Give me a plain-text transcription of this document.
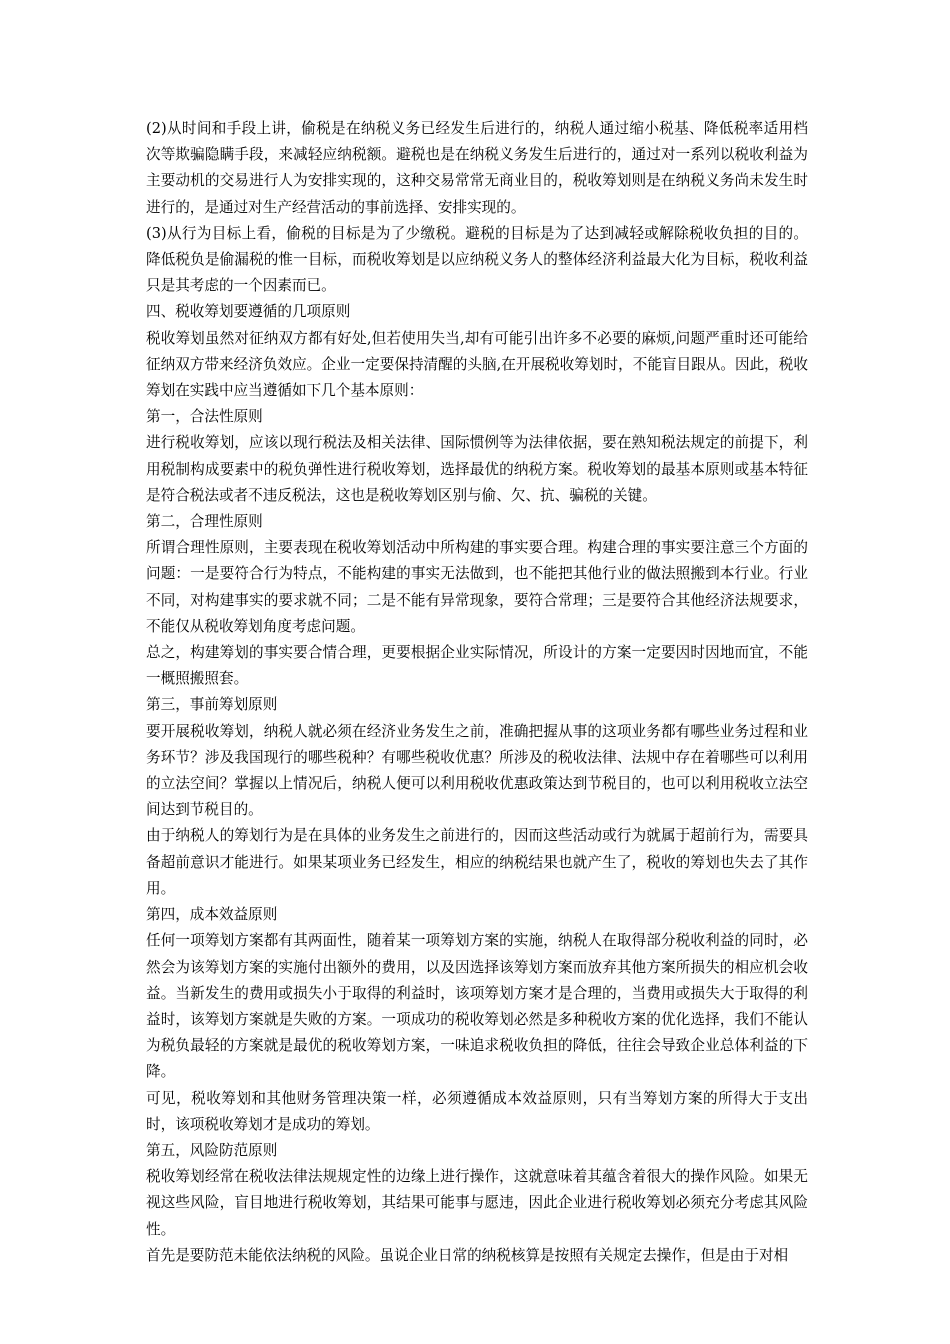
(2)从时间和手段上讲，偷税是在纳税义务已经发生后进行的，纳税人通过缩小税基、降低税率适用档次等欺骗隐瞒手段，来减轻应纳税额。避税也是在纳税义务发生后进行的，通过对一系列以税收利益为主要动机的交易进行人为安排实现的，这种交易常常无商业目的，税收筹划则是在纳税义务尚未发生时进行的，是通过对生产经营活动的事前选择、安排实现的。

(3)从行为目标上看，偷税的目标是为了少缴税。避税的目标是为了达到减轻或解除税收负担的目的。降低税负是偷漏税的惟一目标，而税收筹划是以应纳税义务人的整体经济利益最大化为目标，税收利益只是其考虑的一个因素而已。

四、税收筹划要遵循的几项原则

税收筹划虽然对征纳双方都有好处,但若使用失当,却有可能引出许多不必要的麻烦,问题严重时还可能给征纳双方带来经济负效应。企业一定要保持清醒的头脑,在开展税收筹划时，不能盲目跟从。因此，税收筹划在实践中应当遵循如下几个基本原则：

第一，合法性原则

进行税收筹划，应该以现行税法及相关法律、国际惯例等为法律依据，要在熟知税法规定的前提下，利用税制构成要素中的税负弹性进行税收筹划，选择最优的纳税方案。税收筹划的最基本原则或基本特征是符合税法或者不违反税法，这也是税收筹划区别与偷、欠、抗、骗税的关键。

第二，合理性原则

所谓合理性原则，主要表现在税收筹划活动中所构建的事实要合理。构建合理的事实要注意三个方面的问题：一是要符合行为特点，不能构建的事实无法做到，也不能把其他行业的做法照搬到本行业。行业不同，对构建事实的要求就不同；二是不能有异常现象，要符合常理；三是要符合其他经济法规要求，不能仅从税收筹划角度考虑问题。

总之，构建筹划的事实要合情合理，更要根据企业实际情况，所设计的方案一定要因时因地而宜，不能一概照搬照套。

第三，事前筹划原则

要开展税收筹划，纳税人就必须在经济业务发生之前，准确把握从事的这项业务都有哪些业务过程和业务环节？涉及我国现行的哪些税种？有哪些税收优惠？所涉及的税收法律、法规中存在着哪些可以利用的立法空间？掌握以上情况后，纳税人便可以利用税收优惠政策达到节税目的，也可以利用税收立法空间达到节税目的。

由于纳税人的筹划行为是在具体的业务发生之前进行的，因而这些活动或行为就属于超前行为，需要具备超前意识才能进行。如果某项业务已经发生，相应的纳税结果也就产生了，税收的筹划也失去了其作用。

第四，成本效益原则

任何一项筹划方案都有其两面性，随着某一项筹划方案的实施，纳税人在取得部分税收利益的同时，必然会为该筹划方案的实施付出额外的费用，以及因选择该筹划方案而放弃其他方案所损失的相应机会收益。当新发生的费用或损失小于取得的利益时，该项筹划方案才是合理的，当费用或损失大于取得的利益时，该筹划方案就是失败的方案。一项成功的税收筹划必然是多种税收方案的优化选择，我们不能认为税负最轻的方案就是最优的税收筹划方案，一味追求税收负担的降低，往往会导致企业总体利益的下降。

可见，税收筹划和其他财务管理决策一样，必须遵循成本效益原则，只有当筹划方案的所得大于支出时，该项税收筹划才是成功的筹划。

第五，风险防范原则

税收筹划经常在税收法律法规规定性的边缘上进行操作，这就意味着其蕴含着很大的操作风险。如果无视这些风险，盲目地进行税收筹划，其结果可能事与愿违，因此企业进行税收筹划必须充分考虑其风险性。

首先是要防范未能依法纳税的风险。虽说企业日常的纳税核算是按照有关规定去操作，但是由于对相
